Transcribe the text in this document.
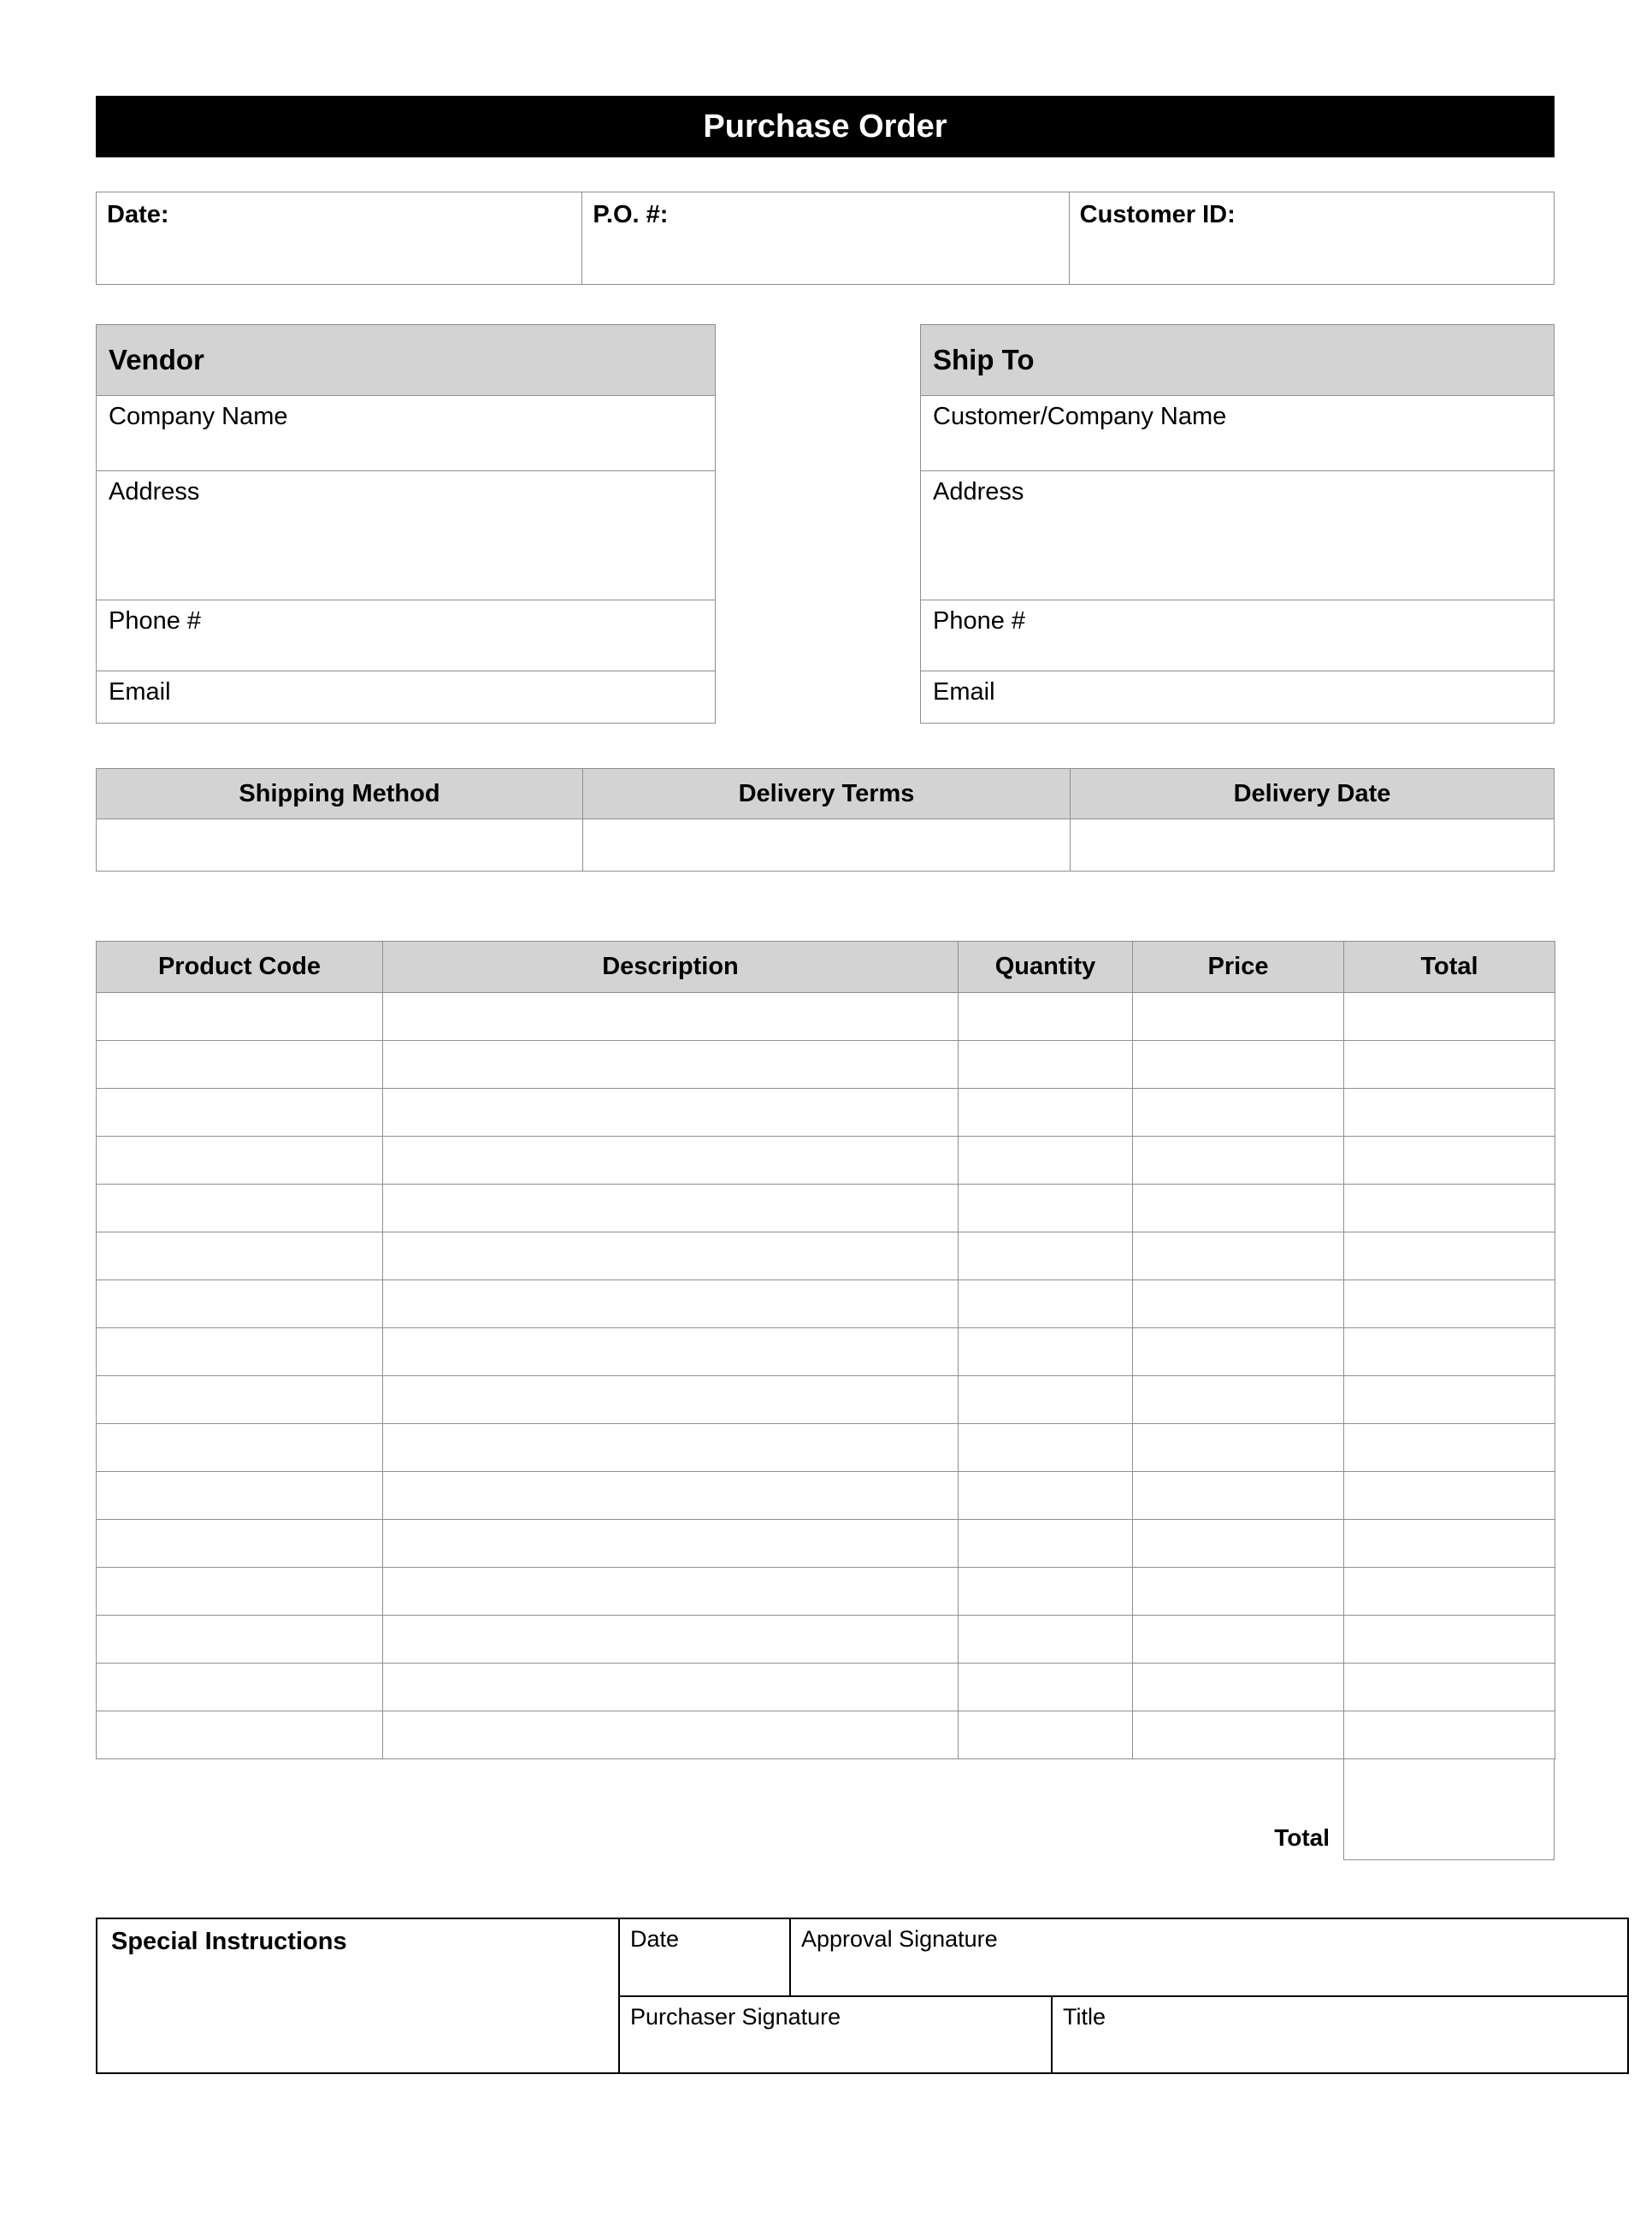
Purchase Order
Date:	P.O. #:	Customer ID:
Vendor
Company Name
Address
Phone #
Email
Ship To
Customer/Company Name
Address
Phone #
Email
Shipping Method	Delivery Terms	Delivery Date
Product Code	Description	Quantity	Price	Total

Total
Special Instructions	Date	Approval Signature
Purchaser Signature	Title
